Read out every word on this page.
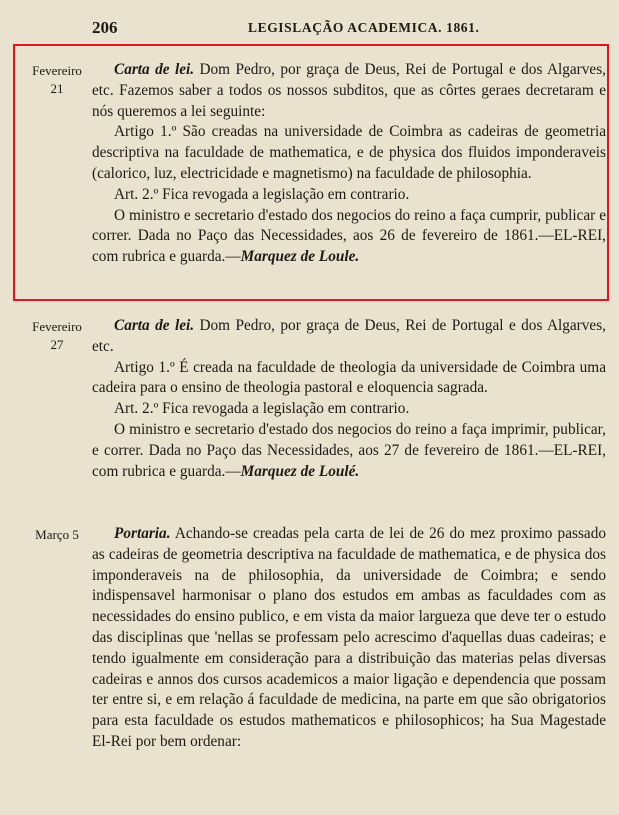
206	LEGISLAÇÃO ACADEMICA. 1861.
Fevereiro
21

Carta de lei. Dom Pedro, por graça de Deus, Rei de Portugal e dos Algarves, etc. Fazemos saber a todos os nossos subditos, que as côrtes geraes decretaram e nós queremos a lei seguinte:

Artigo 1.º São creadas na universidade de Coimbra as cadeiras de geometria descriptiva na faculdade de mathematica, e de physica dos fluidos imponderaveis (calorico, luz, electricidade e magnetismo) na faculdade de philosophia.

Art. 2.º Fica revogada a legislação em contrario.

O ministro e secretario d'estado dos negocios do reino a faça cumprir, publicar e correr. Dada no Paço das Necessidades, aos 26 de fevereiro de 1861.—EL-REI, com rubrica e guarda.—Marquez de Loule.

Fevereiro
27

Carta de lei. Dom Pedro, por graça de Deus, Rei de Portugal e dos Algarves, etc.

Artigo 1.º É creada na faculdade de theologia da universidade de Coimbra uma cadeira para o ensino de theologia pastoral e eloquencia sagrada.

Art. 2.º Fica revogada a legislação em contrario.

O ministro e secretario d'estado dos negocios do reino a faça imprimir, publicar, e correr. Dada no Paço das Necessidades, aos 27 de fevereiro de 1861.—EL-REI, com rubrica e guarda.—Marquez de Loulé.

Março 5	Portaria. Achando-se creadas pela carta de lei de 26 do mez proximo passado as cadeiras de geometria descriptiva na faculdade de mathematica, e de physica dos imponderaveis na de philosophia, da universidade de Coimbra; e sendo indispensavel harmonisar o plano dos estudos em ambas as faculdades com as necessidades do ensino publico, e em vista da maior largueza que deve ter o estudo das disciplinas que 'nellas se professam pelo acrescimo d'aquellas duas cadeiras; e tendo igualmente em consideração para a distribuição das materias pelas diversas cadeiras e annos dos cursos academicos a maior ligação e dependencia que possam ter entre si, e em relação á faculdade de medicina, na parte em que são obrigatorios para esta faculdade os estudos mathematicos e philosophicos; ha Sua Magestade El-Rei por bem ordenar:
